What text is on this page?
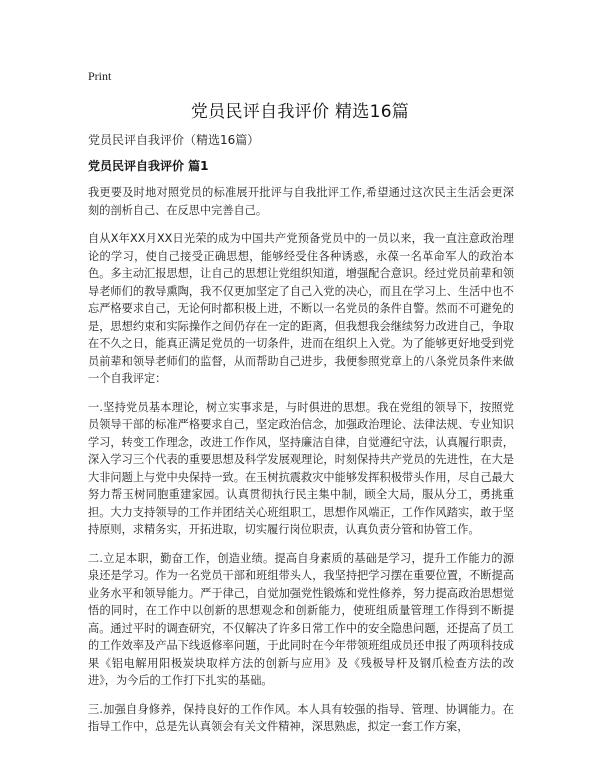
Print
党员民评自我评价 精选16篇

党员民评自我评价（精选16篇）

党员民评自我评价 篇1

我更要及时地对照党员的标准展开批评与自我批评工作,希望通过这次民主生活会更深刻的剖析自己、在反思中完善自己。

自从X年XX月XX日光荣的成为中国共产党预备党员中的一员以来，我一直注意政治理论的学习，使自己接受正确思想，能够经受住各种诱惑，永葆一名革命军人的政治本色。多主动汇报思想，让自己的思想让党组织知道，增强配合意识。经过党员前辈和领导老师们的教导熏陶，我不仅更加坚定了自己入党的决心，而且在学习上、生活中也不忘严格要求自己，无论何时都积极上进，不断以一名党员的条件自警。然而不可避免的是，思想约束和实际操作之间仍存在一定的距离，但我想我会继续努力改进自己，争取在不久之日，能真正满足党员的一切条件，进而在组织上入党。为了能够更好地受到党员前辈和领导老师们的监督，从而帮助自己进步，我便参照党章上的八条党员条件来做一个自我评定：

一.坚持党员基本理论，树立实事求是，与时俱进的思想。我在党组的领导下，按照党员领导干部的标准严格要求自己，坚定政治信念，加强政治理论、法律法规、专业知识学习，转变工作理念，改进工作作风，坚持廉洁自律，自觉遵纪守法，认真履行职责，深入学习三个代表的重要思想及科学发展观理论，时刻保持共产党员的先进性，在大是大非问题上与党中央保持一致。在玉树抗震救灾中能够发挥积极带头作用，尽自己最大努力帮玉树同胞重建家园。认真贯彻执行民主集中制，顾全大局，服从分工，勇挑重担。大力支持领导的工作并团结关心班组职工，思想作风端正，工作作风踏实，敢于坚持原则，求精务实，开拓进取，切实履行岗位职责，认真负责分管和协管工作。

二.立足本职，勤奋工作，创造业绩。提高自身素质的基础是学习，提升工作能力的源泉还是学习。作为一名党员干部和班组带头人，我坚持把学习摆在重要位置，不断提高业务水平和领导能力。严于律己，自觉加强党性锻炼和党性修养，努力提高政治思想觉悟的同时，在工作中以创新的思想观念和创新能力，使班组质量管理工作得到不断提高。通过平时的调查研究，不仅解决了许多日常工作中的安全隐患问题，还提高了员工的工作效率及产品下线返修率问题，于此同时在今年带领班组成员还申报了两项科技成果《铝电解用阳极炭块取样方法的创新与应用》及《残极导杆及钢爪检查方法的改进》，为今后的工作打下扎实的基础。

三.加强自身修养，保持良好的工作作风。本人具有较强的指导、管理、协调能力。在指导工作中，总是先认真领会有关文件精神，深思熟虑，拟定一套工作方案，
